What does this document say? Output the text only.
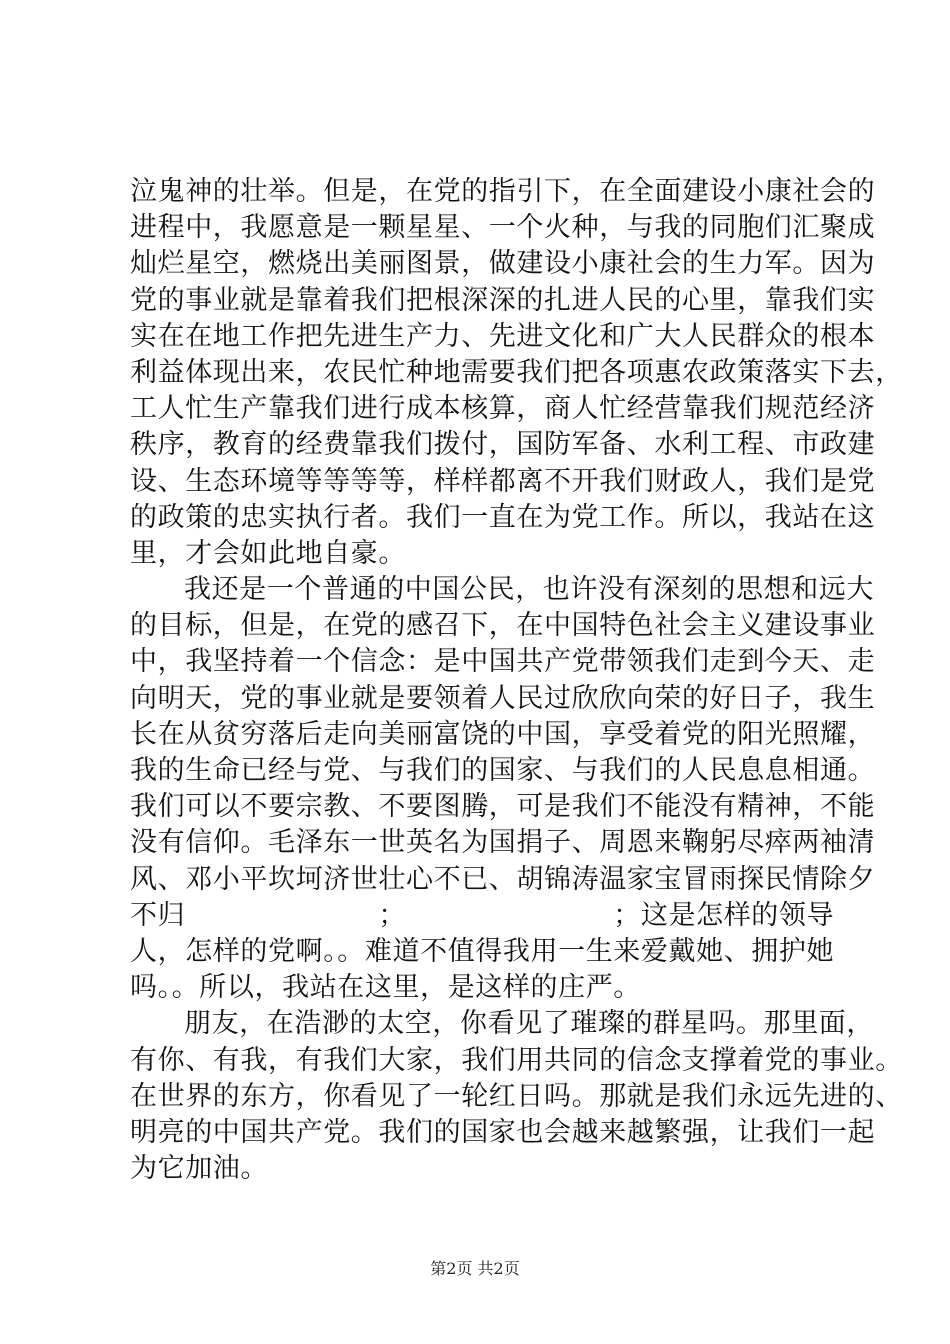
泣鬼神的壮举。但是，在党的指引下，在全面建设小康社会的
进程中，我愿意是一颗星星、一个火种，与我的同胞们汇聚成
灿烂星空，燃烧出美丽图景，做建设小康社会的生力军。因为
党的事业就是靠着我们把根深深的扎进人民的心里，靠我们实
实在在地工作把先进生产力、先进文化和广大人民群众的根本
利益体现出来，农民忙种地需要我们把各项惠农政策落实下去，
工人忙生产靠我们进行成本核算，商人忙经营靠我们规范经济
秩序，教育的经费靠我们拨付，国防军备、水利工程、市政建
设、生态环境等等等等，样样都离不开我们财政人，我们是党
的政策的忠实执行者。我们一直在为党工作。所以，我站在这
里，才会如此地自豪。
我还是一个普通的中国公民，也许没有深刻的思想和远大
的目标，但是，在党的感召下，在中国特色社会主义建设事业
中，我坚持着一个信念：是中国共产党带领我们走到今天、走
向明天，党的事业就是要领着人民过欣欣向荣的好日子，我生
长在从贫穷落后走向美丽富饶的中国，享受着党的阳光照耀，
我的生命已经与党、与我们的国家、与我们的人民息息相通。
我们可以不要宗教、不要图腾，可是我们不能没有精神，不能
没有信仰。毛泽东一世英名为国捐子、周恩来鞠躬尽瘁两袖清
风、邓小平坎坷济世壮心不已、胡锦涛温家宝冒雨探民情除夕
不归　　　　　　　；　　　　　　　　；这是怎样的领导
人，怎样的党啊。。难道不值得我用一生来爱戴她、拥护她
吗。。所以，我站在这里，是这样的庄严。
朋友，在浩渺的太空，你看见了璀璨的群星吗。那里面，
有你、有我，有我们大家，我们用共同的信念支撑着党的事业。
在世界的东方，你看见了一轮红日吗。那就是我们永远先进的、
明亮的中国共产党。我们的国家也会越来越繁强，让我们一起
为它加油。
第2页 共2页
